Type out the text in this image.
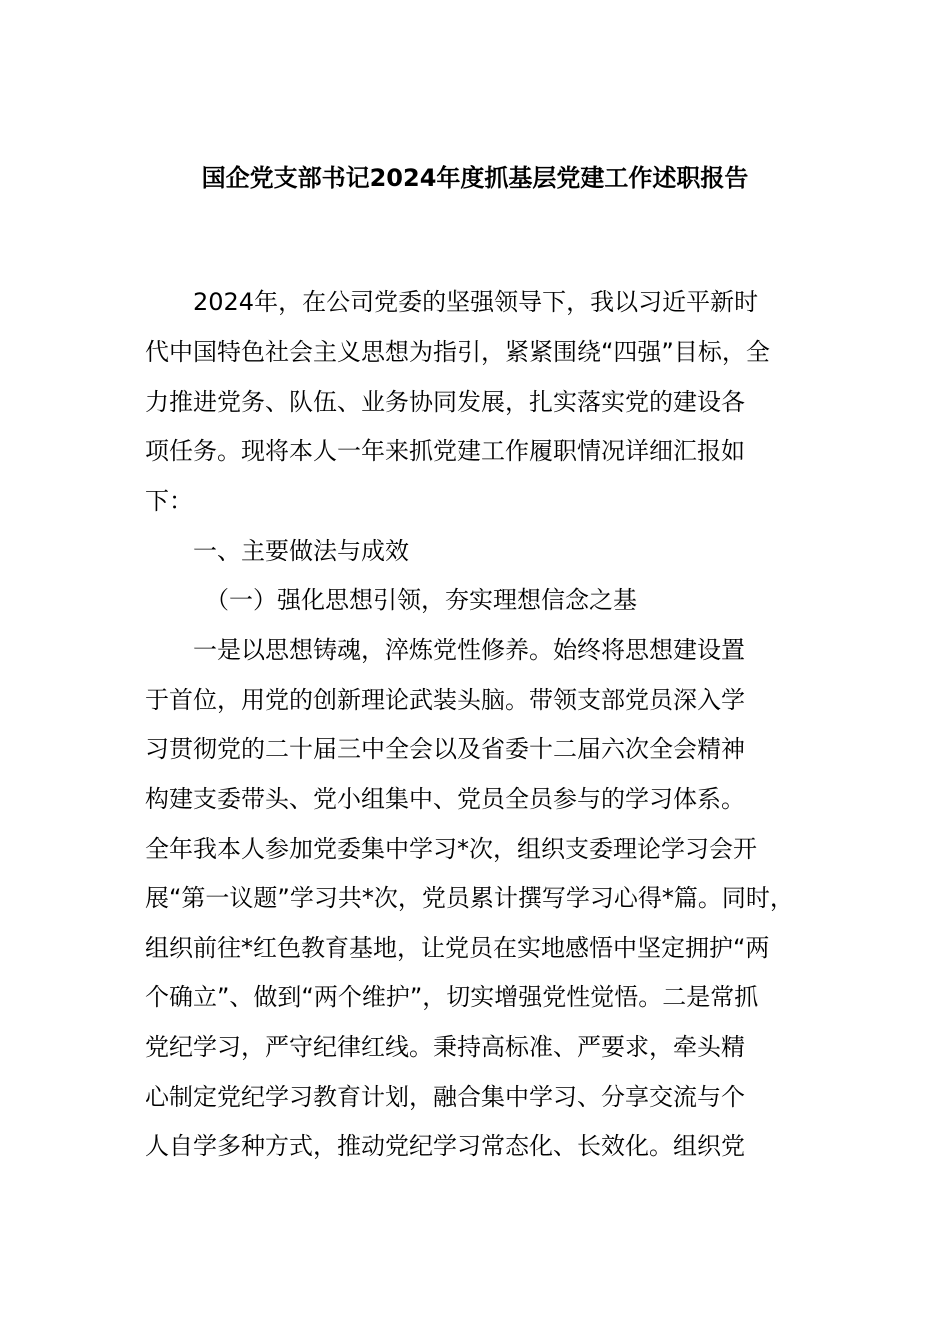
国企党支部书记2024年度抓基层党建工作述职报告
2024年，在公司党委的坚强领导下，我以习近平新时
代中国特色社会主义思想为指引，紧紧围绕“四强”目标，全
力推进党务、队伍、业务协同发展，扎实落实党的建设各
项任务。现将本人一年来抓党建工作履职情况详细汇报如
下：
一、主要做法与成效
（一）强化思想引领，夯实理想信念之基
一是以思想铸魂，淬炼党性修养。始终将思想建设置
于首位，用党的创新理论武装头脑。带领支部党员深入学
习贯彻党的二十届三中全会以及省委十二届六次全会精神
构建支委带头、党小组集中、党员全员参与的学习体系。
全年我本人参加党委集中学习*次，组织支委理论学习会开
展“第一议题”学习共*次，党员累计撰写学习心得*篇。同时，
组织前往*红色教育基地，让党员在实地感悟中坚定拥护“两
个确立”、做到“两个维护”，切实增强党性觉悟。二是常抓
党纪学习，严守纪律红线。秉持高标准、严要求，牵头精
心制定党纪学习教育计划，融合集中学习、分享交流与个
人自学多种方式，推动党纪学习常态化、长效化。组织党
